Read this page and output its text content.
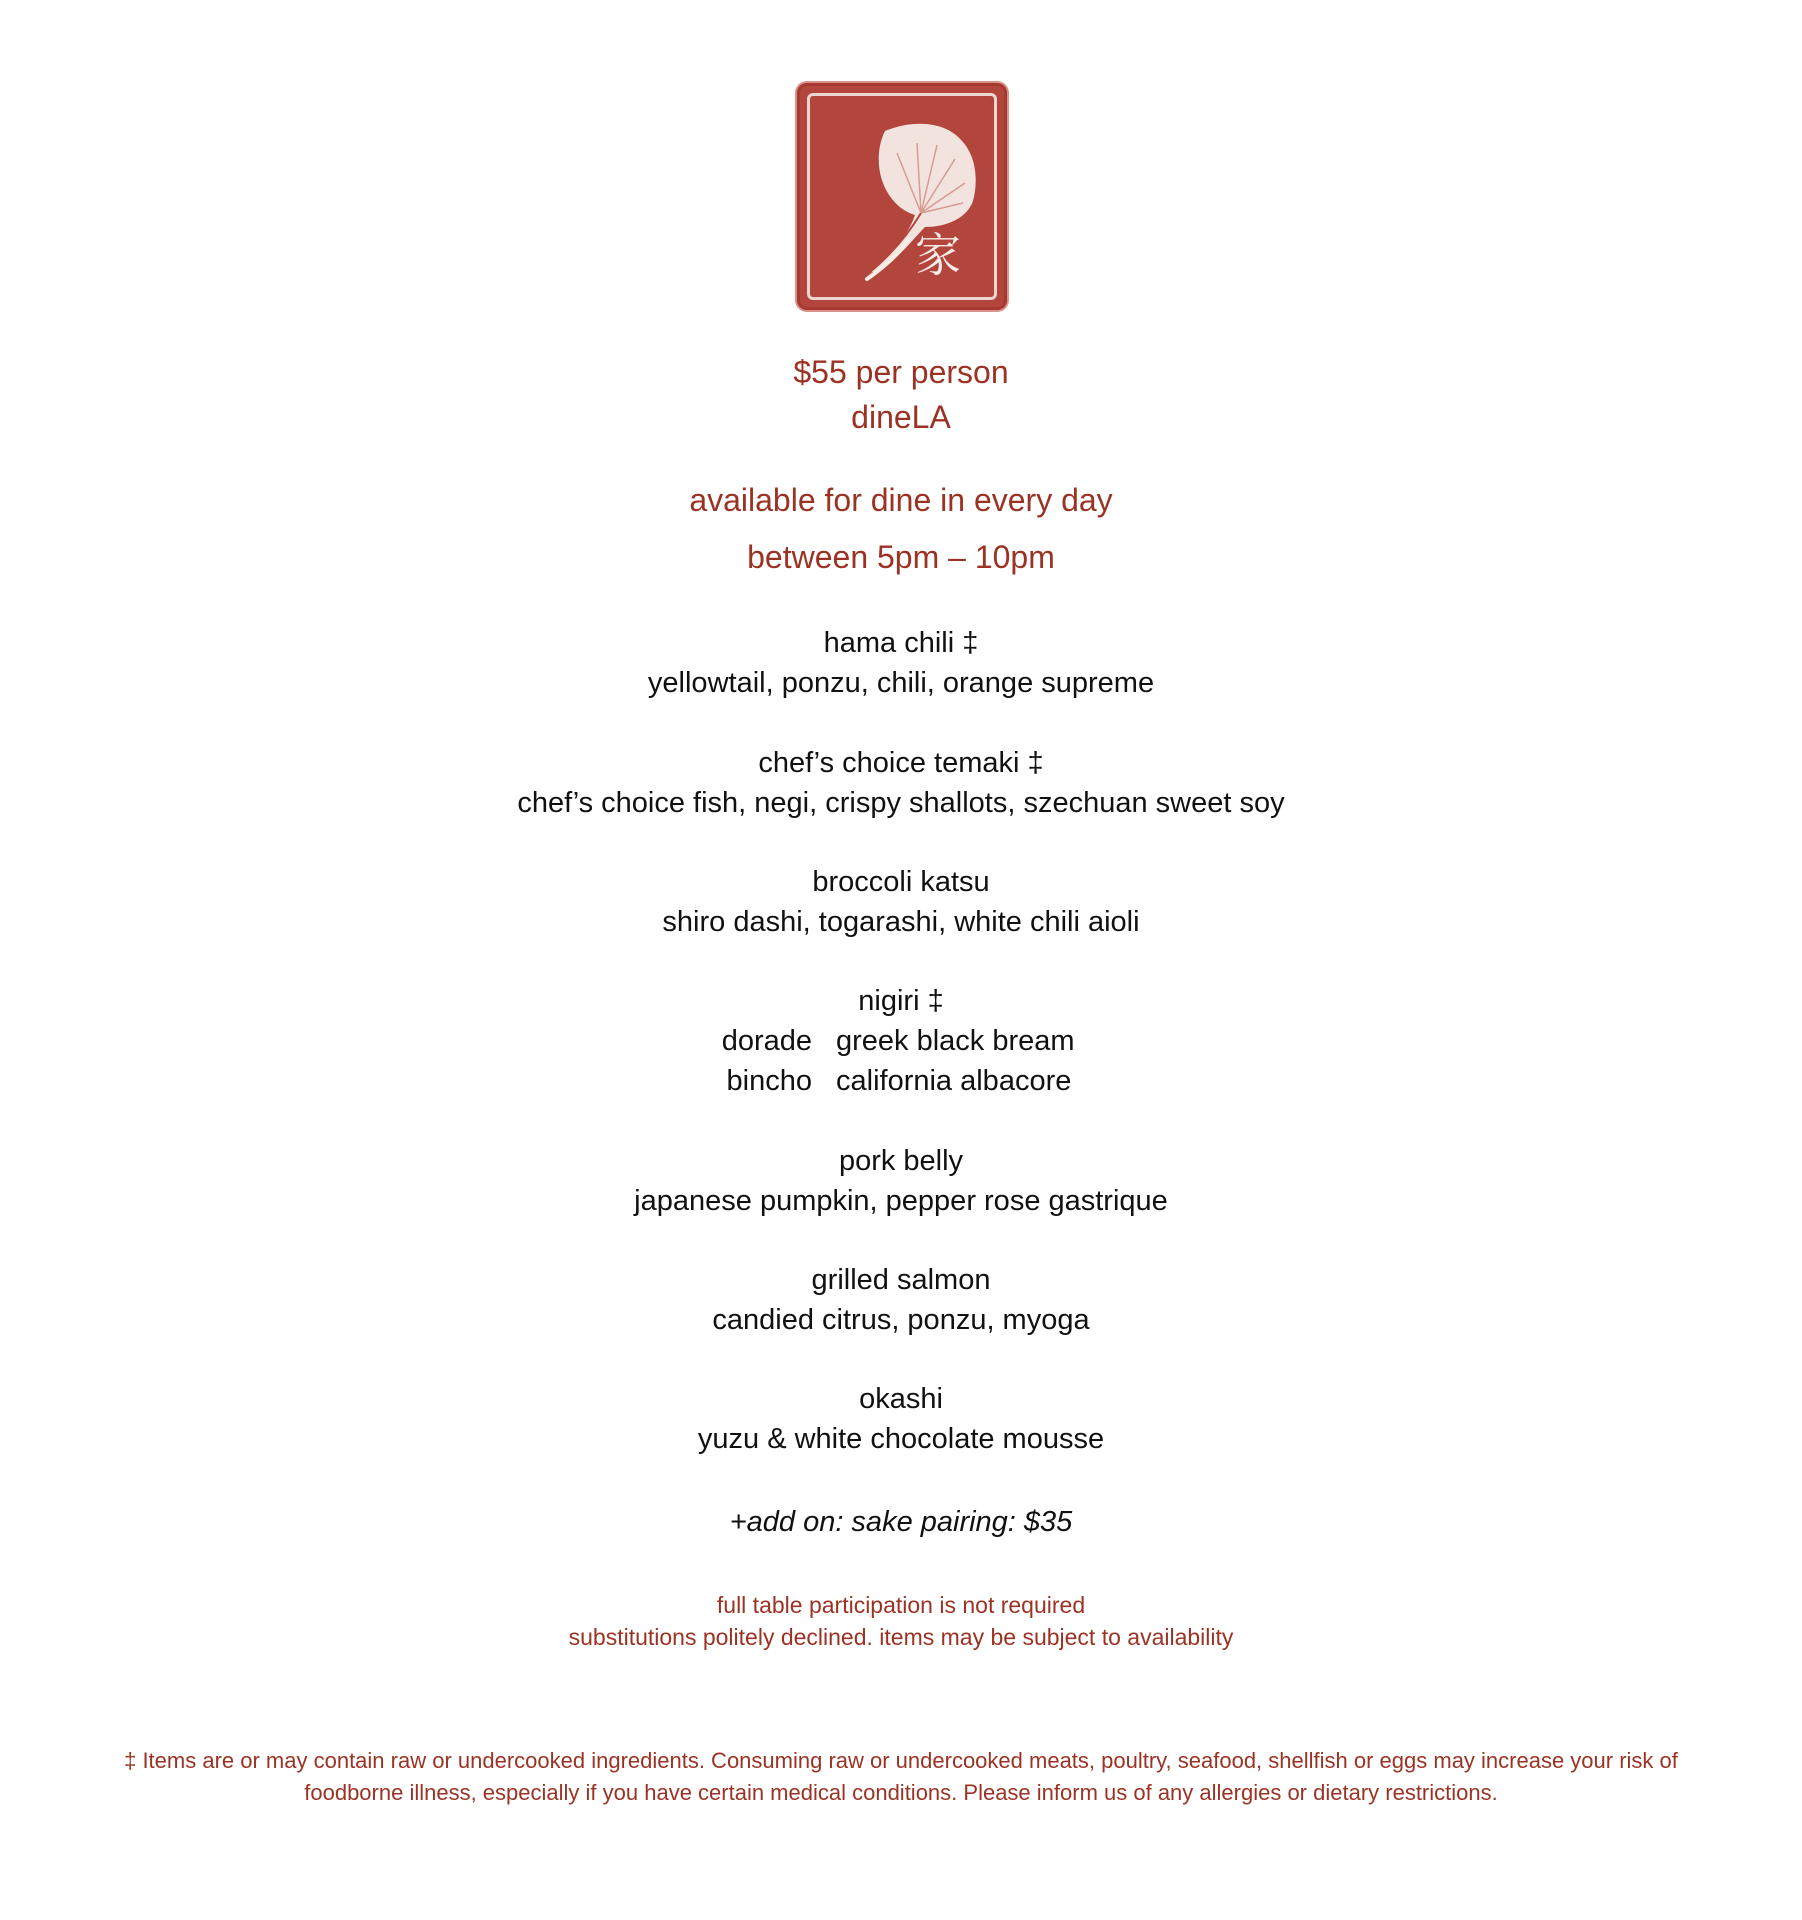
家
$55 per person
dineLA
available for dine in every day
between 5pm – 10pm
hama chili ‡
yellowtail, ponzu, chili, orange supreme
chef’s choice temaki ‡
chef’s choice fish, negi, crispy shallots, szechuan sweet soy
broccoli katsu
shiro dashi, togarashi, white chili aioli
nigiri ‡
dorade greek black bream
bincho california albacore
pork belly
japanese pumpkin, pepper rose gastrique
grilled salmon
candied citrus, ponzu, myoga
okashi
yuzu & white chocolate mousse
+add on: sake pairing: $35
full table participation is not required
substitutions politely declined. items may be subject to availability
‡ Items are or may contain raw or undercooked ingredients. Consuming raw or undercooked meats, poultry, seafood, shellfish or eggs may increase your risk of
foodborne illness, especially if you have certain medical conditions. Please inform us of any allergies or dietary restrictions.
